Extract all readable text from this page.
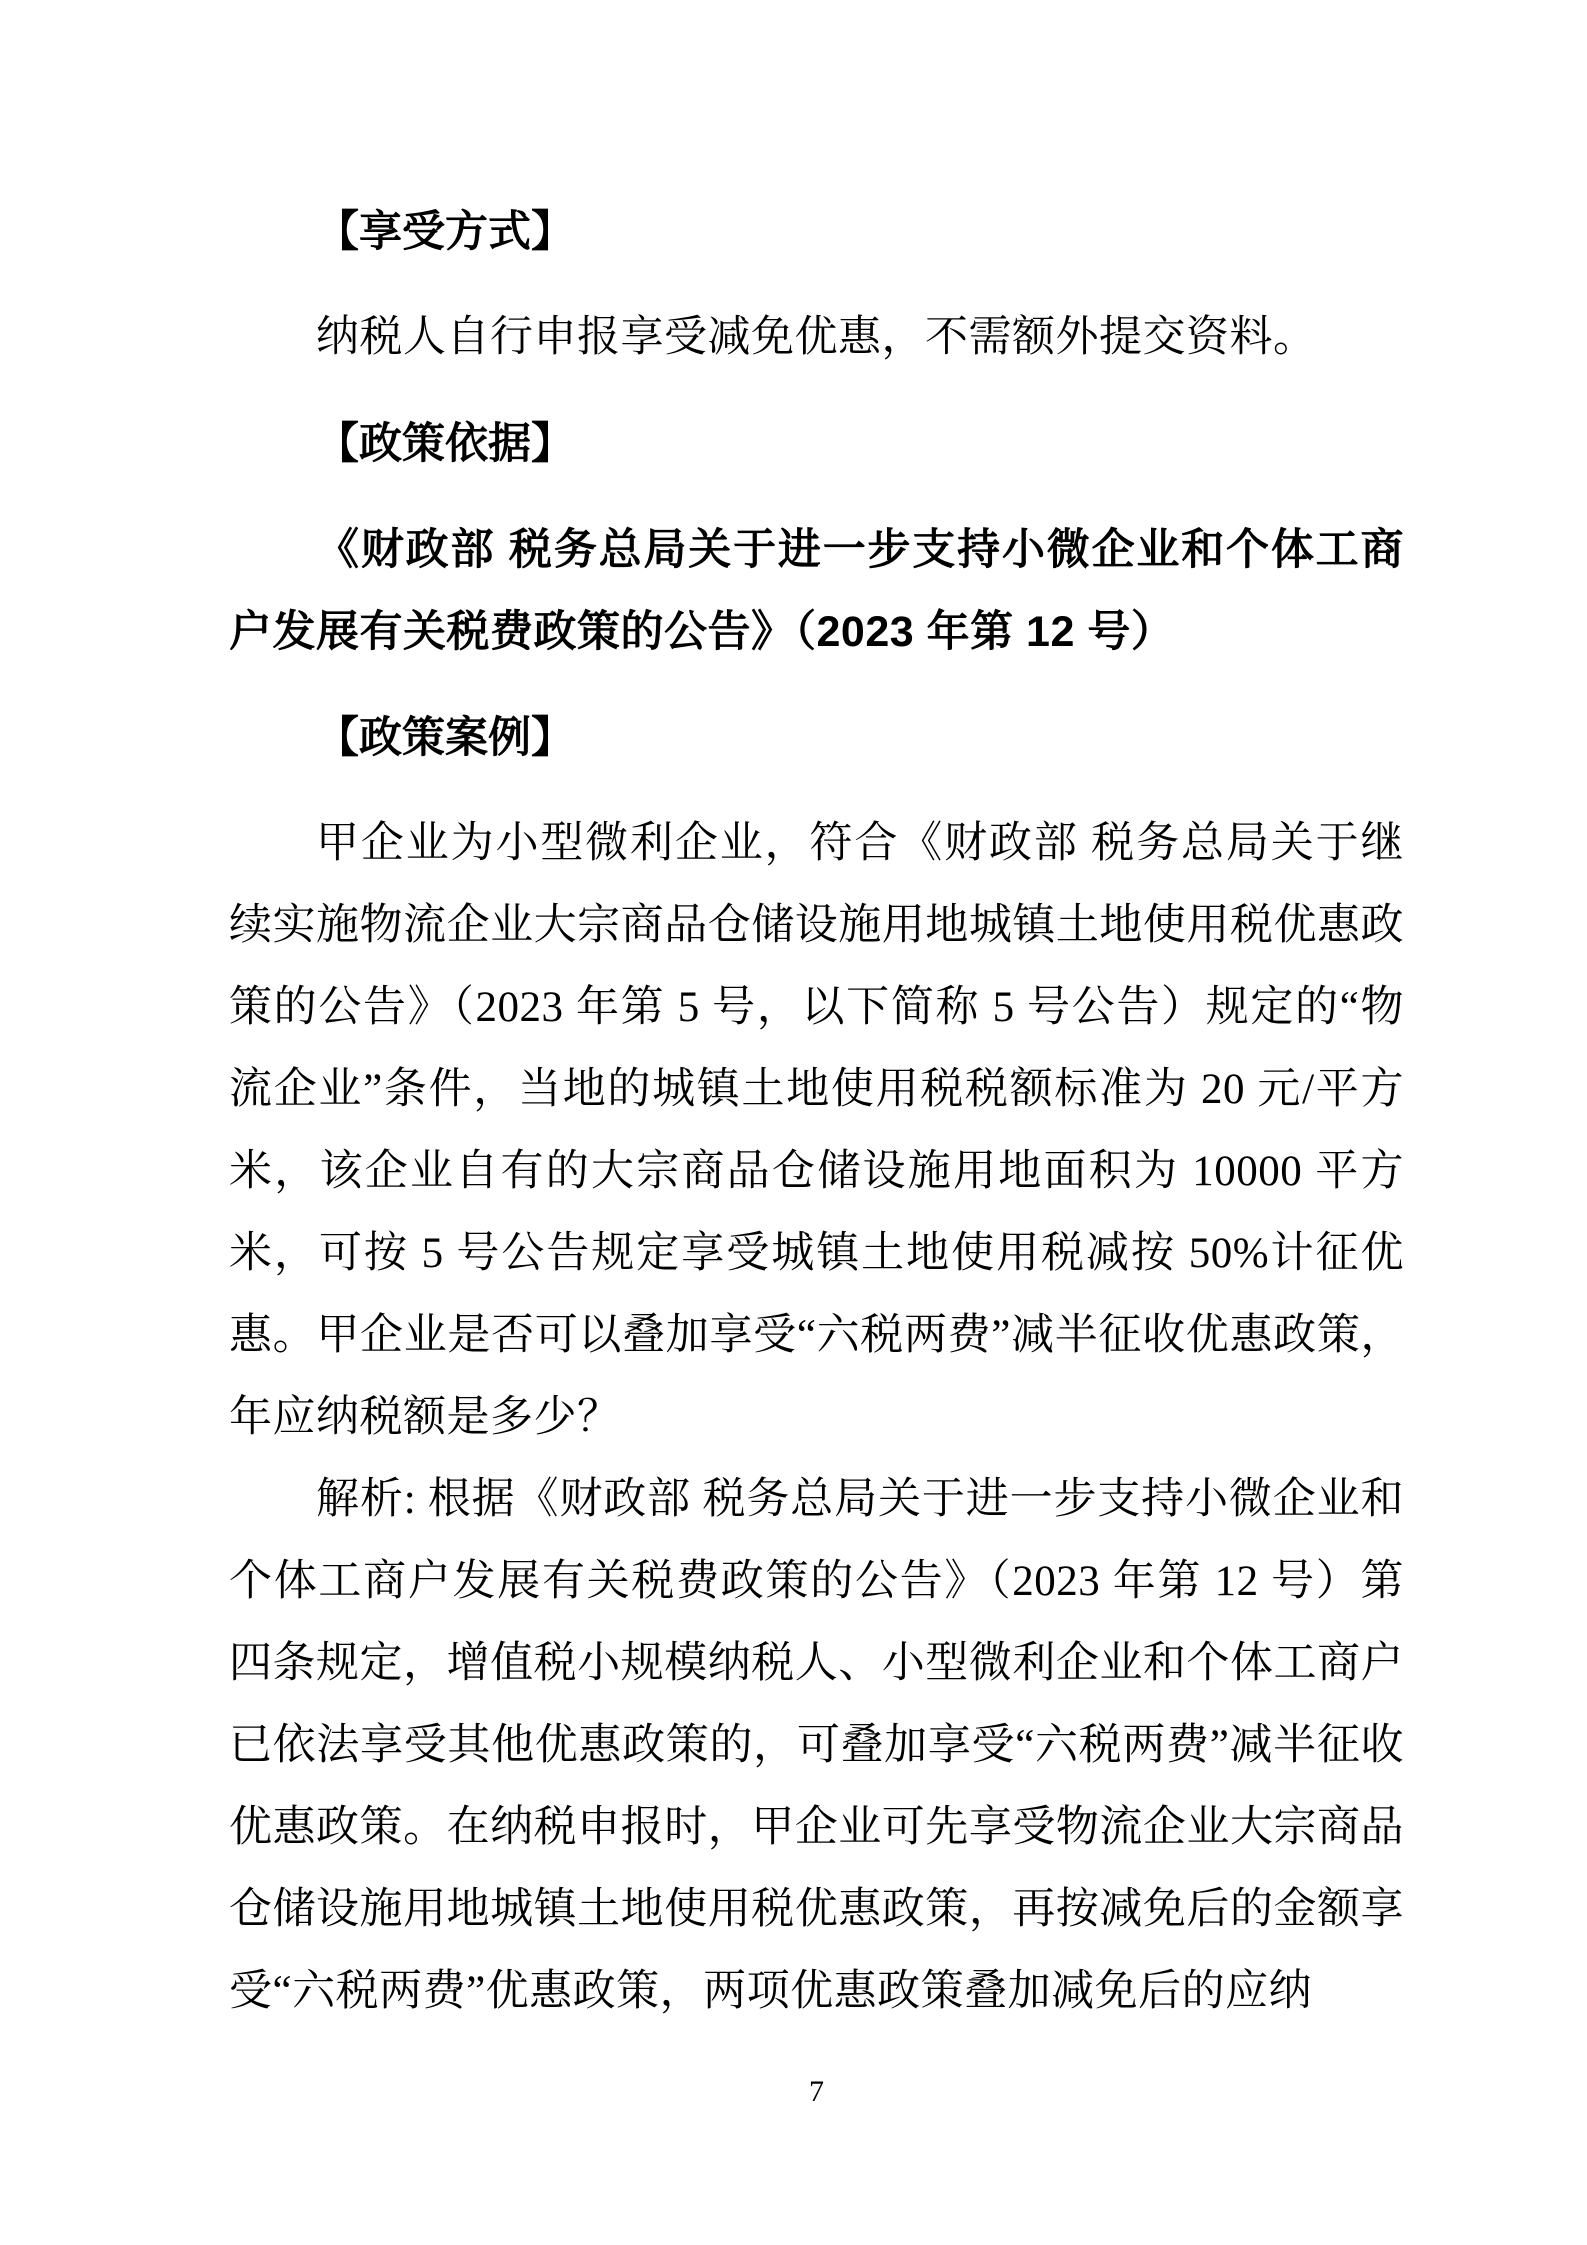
【享受方式】

纳税人自行申报享受减免优惠，不需额外提交资料。

【政策依据】

《财政部 税务总局关于进一步支持小微企业和个体工商户发展有关税费政策的公告》（2023 年第 12 号）

【政策案例】

甲企业为小型微利企业，符合《财政部 税务总局关于继续实施物流企业大宗商品仓储设施用地城镇土地使用税优惠政策的公告》（2023 年第 5 号，以下简称 5 号公告）规定的“物流企业”条件，当地的城镇土地使用税税额标准为 20 元/平方米，该企业自有的大宗商品仓储设施用地面积为 10000 平方米，可按 5 号公告规定享受城镇土地使用税减按 50%计征优惠。甲企业是否可以叠加享受“六税两费”减半征收优惠政策，年应纳税额是多少？

解析: 根据《财政部 税务总局关于进一步支持小微企业和个体工商户发展有关税费政策的公告》（2023 年第 12 号）第四条规定，增值税小规模纳税人、小型微利企业和个体工商户已依法享受其他优惠政策的，可叠加享受“六税两费”减半征收优惠政策。在纳税申报时，甲企业可先享受物流企业大宗商品仓储设施用地城镇土地使用税优惠政策，再按减免后的金额享受“六税两费”优惠政策，两项优惠政策叠加减免后的应纳

7
